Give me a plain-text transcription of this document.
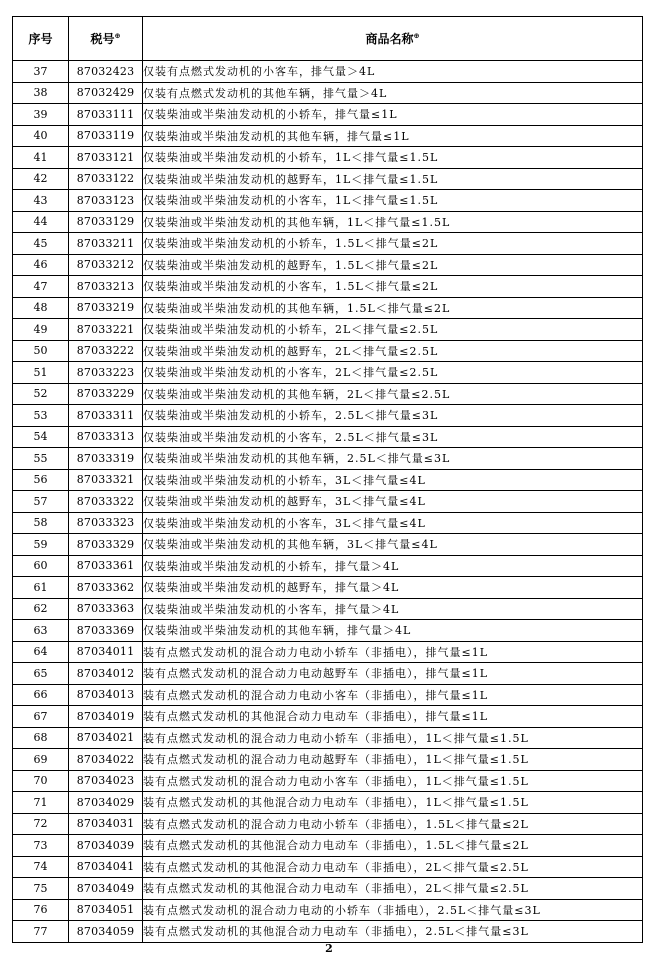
序号	税号⊕	商品名称⊕
37	87032423	仅装有点燃式发动机的小客车，排气量＞4L
38	87032429	仅装有点燃式发动机的其他车辆，排气量＞4L
39	87033111	仅装柴油或半柴油发动机的小轿车，排气量≤1L
40	87033119	仅装柴油或半柴油发动机的其他车辆，排气量≤1L
41	87033121	仅装柴油或半柴油发动机的小轿车，1L＜排气量≤1.5L
42	87033122	仅装柴油或半柴油发动机的越野车，1L＜排气量≤1.5L
43	87033123	仅装柴油或半柴油发动机的小客车，1L＜排气量≤1.5L
44	87033129	仅装柴油或半柴油发动机的其他车辆，1L＜排气量≤1.5L
45	87033211	仅装柴油或半柴油发动机的小轿车，1.5L＜排气量≤2L
46	87033212	仅装柴油或半柴油发动机的越野车，1.5L＜排气量≤2L
47	87033213	仅装柴油或半柴油发动机的小客车，1.5L＜排气量≤2L
48	87033219	仅装柴油或半柴油发动机的其他车辆，1.5L＜排气量≤2L
49	87033221	仅装柴油或半柴油发动机的小轿车，2L＜排气量≤2.5L
50	87033222	仅装柴油或半柴油发动机的越野车，2L＜排气量≤2.5L
51	87033223	仅装柴油或半柴油发动机的小客车，2L＜排气量≤2.5L
52	87033229	仅装柴油或半柴油发动机的其他车辆，2L＜排气量≤2.5L
53	87033311	仅装柴油或半柴油发动机的小轿车，2.5L＜排气量≤3L
54	87033313	仅装柴油或半柴油发动机的小客车，2.5L＜排气量≤3L
55	87033319	仅装柴油或半柴油发动机的其他车辆，2.5L＜排气量≤3L
56	87033321	仅装柴油或半柴油发动机的小轿车，3L＜排气量≤4L
57	87033322	仅装柴油或半柴油发动机的越野车，3L＜排气量≤4L
58	87033323	仅装柴油或半柴油发动机的小客车，3L＜排气量≤4L
59	87033329	仅装柴油或半柴油发动机的其他车辆，3L＜排气量≤4L
60	87033361	仅装柴油或半柴油发动机的小轿车，排气量＞4L
61	87033362	仅装柴油或半柴油发动机的越野车，排气量＞4L
62	87033363	仅装柴油或半柴油发动机的小客车，排气量＞4L
63	87033369	仅装柴油或半柴油发动机的其他车辆，排气量＞4L
64	87034011	装有点燃式发动机的混合动力电动小轿车（非插电），排气量≤1L
65	87034012	装有点燃式发动机的混合动力电动越野车（非插电），排气量≤1L
66	87034013	装有点燃式发动机的混合动力电动小客车（非插电），排气量≤1L
67	87034019	装有点燃式发动机的其他混合动力电动车（非插电），排气量≤1L
68	87034021	装有点燃式发动机的混合动力电动小轿车（非插电），1L＜排气量≤1.5L
69	87034022	装有点燃式发动机的混合动力电动越野车（非插电），1L＜排气量≤1.5L
70	87034023	装有点燃式发动机的混合动力电动小客车（非插电），1L＜排气量≤1.5L
71	87034029	装有点燃式发动机的其他混合动力电动车（非插电），1L＜排气量≤1.5L
72	87034031	装有点燃式发动机的混合动力电动小轿车（非插电），1.5L＜排气量≤2L
73	87034039	装有点燃式发动机的其他混合动力电动车（非插电），1.5L＜排气量≤2L
74	87034041	装有点燃式发动机的其他混合动力电动车（非插电），2L＜排气量≤2.5L
75	87034049	装有点燃式发动机的其他混合动力电动车（非插电），2L＜排气量≤2.5L
76	87034051	装有点燃式发动机的混合动力电动的小轿车（非插电），2.5L＜排气量≤3L
77	87034059	装有点燃式发动机的其他混合动力电动车（非插电），2.5L＜排气量≤3L
2
